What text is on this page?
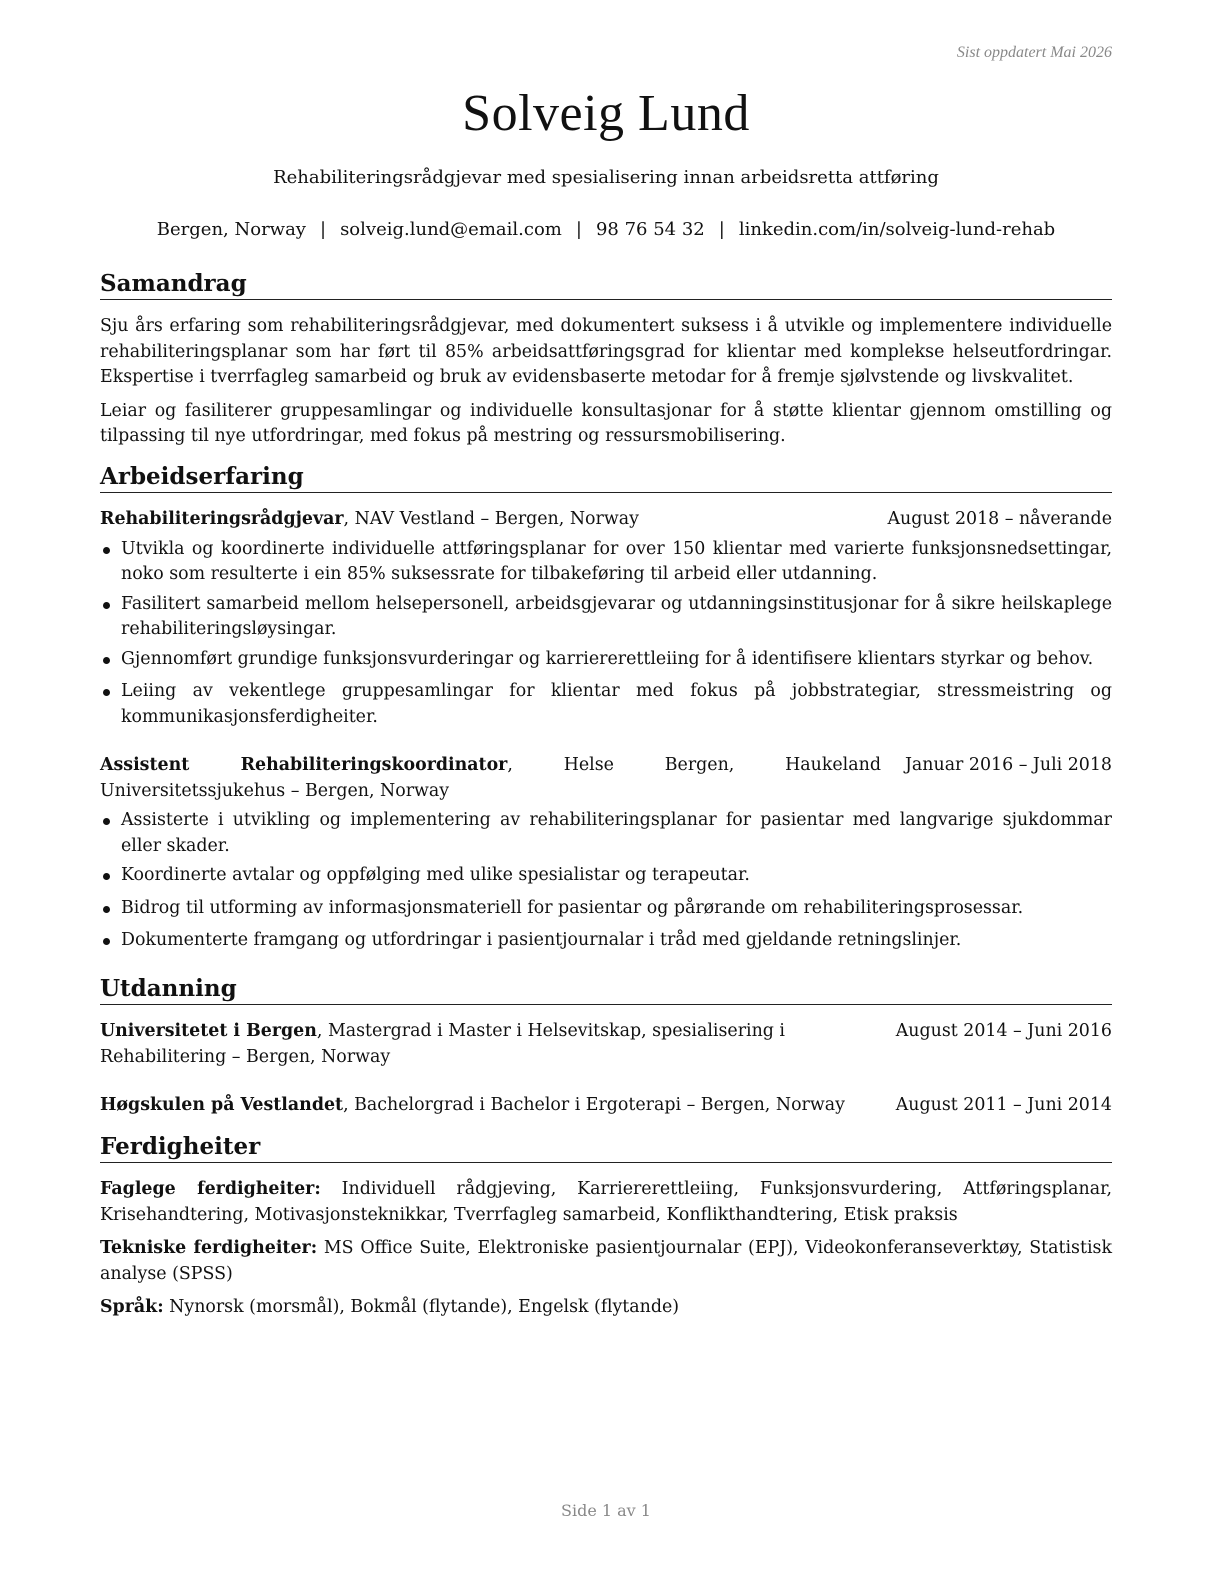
Sist oppdatert Mai 2026
Solveig Lund
Rehabiliteringsrådgjevar med spesialisering innan arbeidsretta attføring
Bergen, Norway | solveig.lund@email.com | 98 76 54 32 | linkedin.com/in/solveig-lund-rehab
Samandrag

Sju års erfaring som rehabiliteringsrådgjevar, med dokumentert suksess i å utvikle og implementere individuelle rehabiliteringsplanar som har ført til 85% arbeidsattføringsgrad for klientar med komplekse helseutfordringar. Ekspertise i tverrfagleg samarbeid og bruk av evidensbaserte metodar for å fremje sjølvstende og livskvalitet.

Leiar og fasiliterer gruppesamlingar og individuelle konsultasjonar for å støtte klientar gjennom omstilling og tilpassing til nye utfordringar, med fokus på mestring og ressursmobilisering.

Arbeidserfaring
Rehabiliteringsrådgjevar, NAV Vestland – Bergen, Norway	August 2018 – nåverande
Utvikla og koordinerte individuelle attføringsplanar for over 150 klientar med varierte funksjonsnedsettingar, noko som resulterte i ein 85% suksessrate for tilbakeføring til arbeid eller utdanning.
Fasilitert samarbeid mellom helsepersonell, arbeidsgjevarar og utdanningsinstitusjonar for å sikre heilskaplege rehabiliteringsløysingar.
Gjennomført grundige funksjonsvurderingar og karriererettleiing for å identifisere klientars styrkar og behov.
Leiing av vekentlege gruppesamlingar for klientar med fokus på jobbstrategiar, stressmeistring og kommunikasjonsferdigheiter.
Assistent Rehabiliteringskoordinator, Helse Bergen, Haukeland Universitetssjukehus – Bergen, Norway
Januar 2016 – Juli 2018
Assisterte i utvikling og implementering av rehabiliteringsplanar for pasientar med langvarige sjukdommar eller skader.
Koordinerte avtalar og oppfølging med ulike spesialistar og terapeutar.
Bidrog til utforming av informasjonsmateriell for pasientar og pårørande om rehabiliteringsprosessar.
Dokumenterte framgang og utfordringar i pasientjournalar i tråd med gjeldande retningslinjer.
Utdanning
Universitetet i Bergen, Mastergrad i Master i Helsevitskap, spesialisering i Rehabilitering – Bergen, Norway
August 2014 – Juni 2016
Høgskulen på Vestlandet, Bachelorgrad i Bachelor i Ergoterapi – Bergen, Norway	August 2011 – Juni 2014
Ferdigheiter

Faglege ferdigheiter: Individuell rådgjeving, Karriererettleiing, Funksjonsvurdering, Attføringsplanar, Krisehandtering, Motivasjonsteknikkar, Tverrfagleg samarbeid, Konflikthandtering, Etisk praksis

Tekniske ferdigheiter: MS Office Suite, Elektroniske pasientjournalar (EPJ), Videokonferanseverktøy, Statistisk analyse (SPSS)

Språk: Nynorsk (morsmål), Bokmål (flytande), Engelsk (flytande)

Side 1 av 1
